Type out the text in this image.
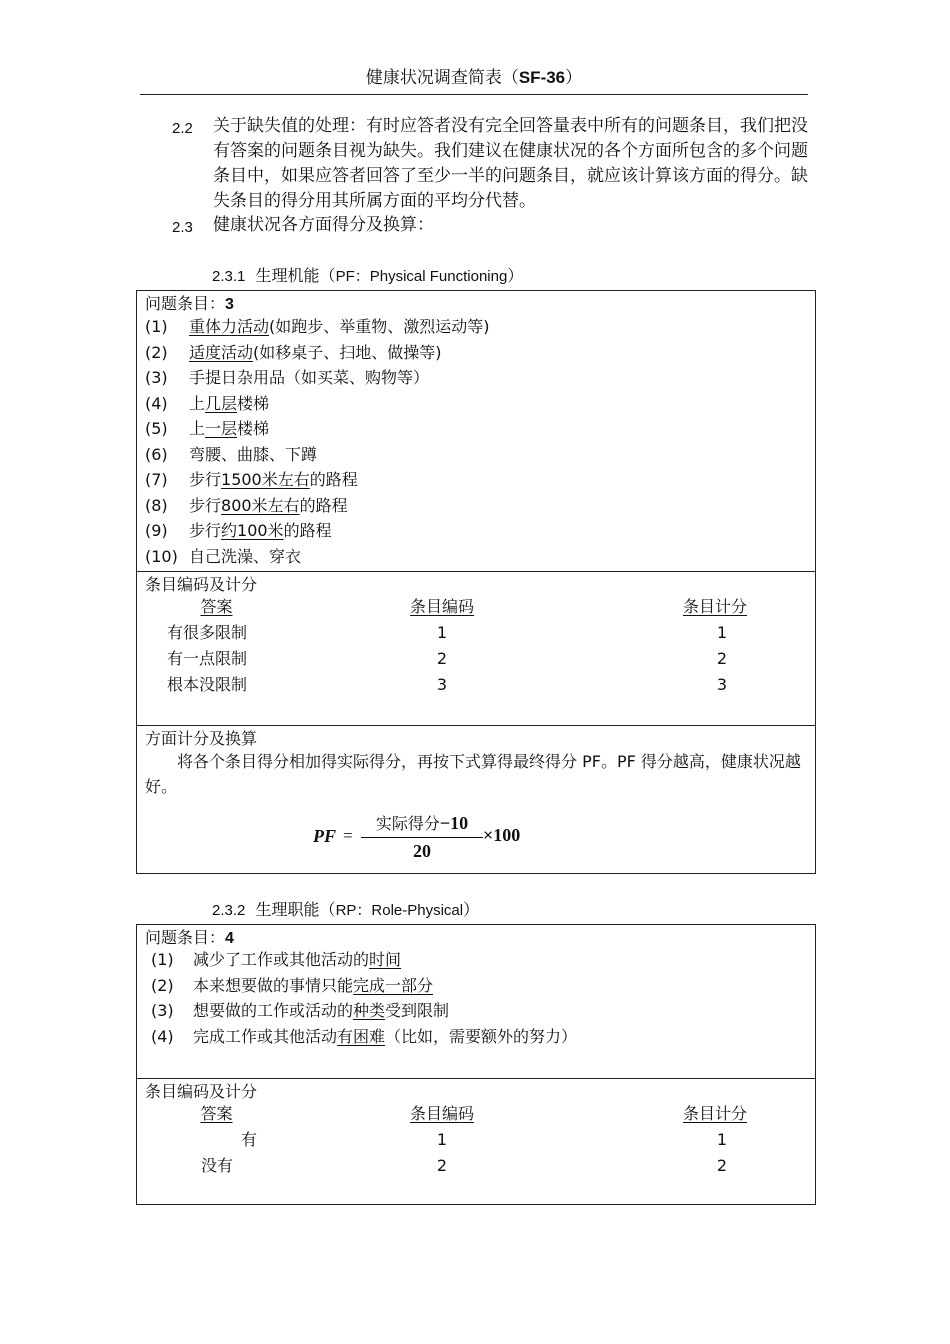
健康状况调查简表（SF-36）
2.2	关于缺失值的处理：有时应答者没有完全回答量表中所有的问题条目，我们把没有答案的问题条目视为缺失。我们建议在健康状况的各个方面所包含的多个问题条目中，如果应答者回答了至少一半的问题条目，就应该计算该方面的得分。缺失条目的得分用其所属方面的平均分代替。
2.3	健康状况各方面得分及换算：
2.3.1 生理机能（PF：Physical Functioning）
问题条目：3
(1) 重体力活动(如跑步、举重物、激烈运动等)
(2) 适度活动(如移桌子、扫地、做操等)
(3) 手提日杂用品（如买菜、购物等）
(4) 上几层楼梯
(5) 上一层楼梯
(6) 弯腰、曲膝、下蹲
(7) 步行1500米左右的路程
(8) 步行800米左右的路程
(9) 步行约100米的路程
(10) 自己洗澡、穿衣
条目编码及计分
答案	条目编码	条目计分
有很多限制	1	1
有一点限制	2	2
根本没限制	3	3
方面计分及换算
将各个条目得分相加得实际得分，再按下式算得最终得分 PF。PF 得分越高，健康状况越好。
PF =
实际得分−10
20
×100
2.3.2 生理职能（RP：Role-Physical）
问题条目：4
(1) 减少了工作或其他活动的时间
(2) 本来想要做的事情只能完成一部分
(3) 想要做的工作或活动的种类受到限制
(4) 完成工作或其他活动有困难（比如，需要额外的努力）
条目编码及计分
答案	条目编码	条目计分
有	1	1
没有	2	2
